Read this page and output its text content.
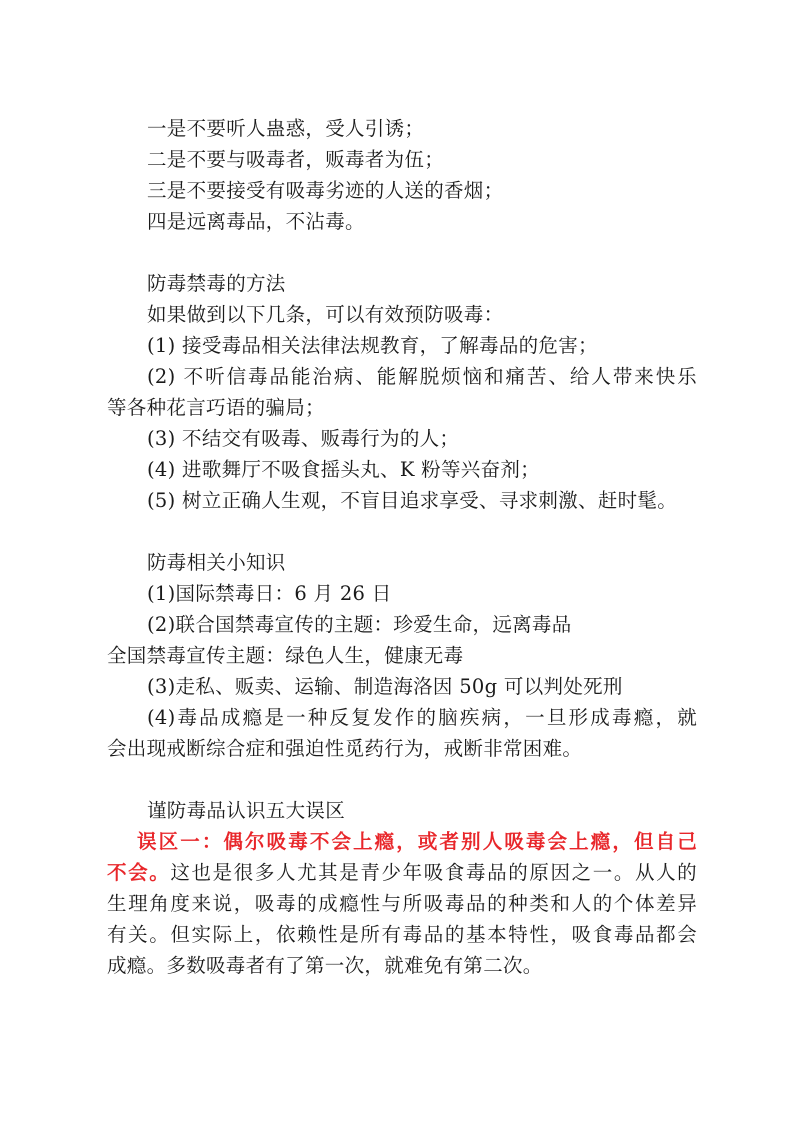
一是不要听人蛊惑，受人引诱；
二是不要与吸毒者，贩毒者为伍；
三是不要接受有吸毒劣迹的人送的香烟；
四是远离毒品，不沾毒。
防毒禁毒的方法
如果做到以下几条，可以有效预防吸毒：
(1) 接受毒品相关法律法规教育，了解毒品的危害；
(2) 不听信毒品能治病、能解脱烦恼和痛苦、给人带来快乐
等各种花言巧语的骗局；
(3) 不结交有吸毒、贩毒行为的人；
(4) 进歌舞厅不吸食摇头丸、K 粉等兴奋剂；
(5) 树立正确人生观，不盲目追求享受、寻求刺激、赶时髦。
防毒相关小知识
(1)国际禁毒日：6 月 26 日
(2)联合国禁毒宣传的主题：珍爱生命，远离毒品
全国禁毒宣传主题：绿色人生，健康无毒
(3)走私、贩卖、运输、制造海洛因 50g 可以判处死刑
(4)毒品成瘾是一种反复发作的脑疾病，一旦形成毒瘾，就
会出现戒断综合症和强迫性觅药行为，戒断非常困难。
谨防毒品认识五大误区
误区一：偶尔吸毒不会上瘾，或者别人吸毒会上瘾，但自己
不会。这也是很多人尤其是青少年吸食毒品的原因之一。从人的
生理角度来说，吸毒的成瘾性与所吸毒品的种类和人的个体差异
有关。但实际上，依赖性是所有毒品的基本特性，吸食毒品都会
成瘾。多数吸毒者有了第一次，就难免有第二次。
